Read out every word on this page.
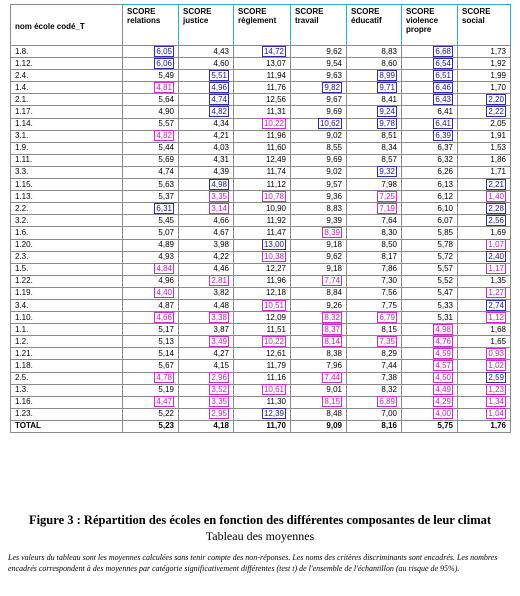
nom école codé_T	SCORE relations	SCORE justice	SCORE règlement	SCORE travail	SCORE éducatif	SCORE violence propre	SCORE social
1.8.	6,05	4,43	14,72	9,62	8,83	6,68	1,73
1.12.	6,06	4,60	13,07	9,54	8,60	6,54	1,92
2.4.	5,49	5,51	11,94	9,63	8,99	6,51	1,99
1.4.	4,81	4,96	11,76	9,82	9,71	6,46	1,70
2.1.	5,64	4,74	12,56	9,67	8,41	6,43	2,20
1.17.	4,90	4,82	11,31	9,69	9,24	6,41	2,22
1.14.	5,57	4,34	10,22	10,62	9,78	6,41	2,05
3.1.	4,82	4,21	11,96	9,02	8,51	6,39	1,91
1.9.	5,44	4,03	11,60	8,55	8,34	6,37	1,53
1.11.	5,69	4,31	12,49	9,69	8,57	6,32	1,86
3.3.	4,74	4,39	11,74	9,02	9,32	6,26	1,71
1.15.	5,63	4,98	11,12	9,57	7,98	6,13	2,21
1.13.	5,37	3,35	10,78	9,36	7,25	6,12	1,40
2.2.	6,31	3,14	10,90	8,83	7,19	6,10	2,28
3.2.	5,45	4,66	11,92	9,39	7,64	6,07	2,56
1.6.	5,07	4,67	11,47	8,39	8,30	5,85	1,69
1.20.	4,89	3,98	13,00	9,18	8,50	5,78	1,07
2.3.	4,93	4,22	10,38	9,62	8,17	5,72	2,40
1.5.	4,84	4,46	12,27	9,18	7,86	5,57	1,17
1.22.	4,96	2,81	11,96	7,74	7,30	5,52	1,35
1.19.	4,40	3,82	12,18	8,84	7,56	5,47	1,27
3.4.	4,87	4,48	10,51	9,26	7,75	5,33	2,74
1.10.	4,66	3,38	12,09	8,32	6,79	5,31	1,12
1.1.	5,17	3,87	11,51	8,37	8,15	4,98	1,68
1.2.	5,13	3,49	10,22	8,14	7,35	4,76	1,65
1.21.	5,14	4,27	12,61	8,38	8,29	4,59	0,93
1.18.	5,67	4,15	11,79	7,96	7,44	4,57	1,02
2.5.	4,78	2,96	11,16	7,44	7,38	4,50	2,59
1.3.	5,19	3,52	10,61	9,01	8,32	4,49	1,23
1.16.	4,47	3,35	11,30	8,15	6,89	4,29	1,34
1.23.	5,22	2,95	12,39	8,48	7,00	4,00	1,04
TOTAL	5,23	4,18	11,70	9,09	8,16	5,75	1,76
Figure 3 : Répartition des écoles en fonction des différentes composantes de leur climat
Tableau des moyennes
Les valeurs du tableau sont les moyennes calculées sans tenir compte des non-réponses. Les noms des critères discriminants sont encadrés. Les nombres encadrés correspondent à des moyennes par catégorie significativement différentes (test t) de l'ensemble de l'échantillon (au risque de 95%).
